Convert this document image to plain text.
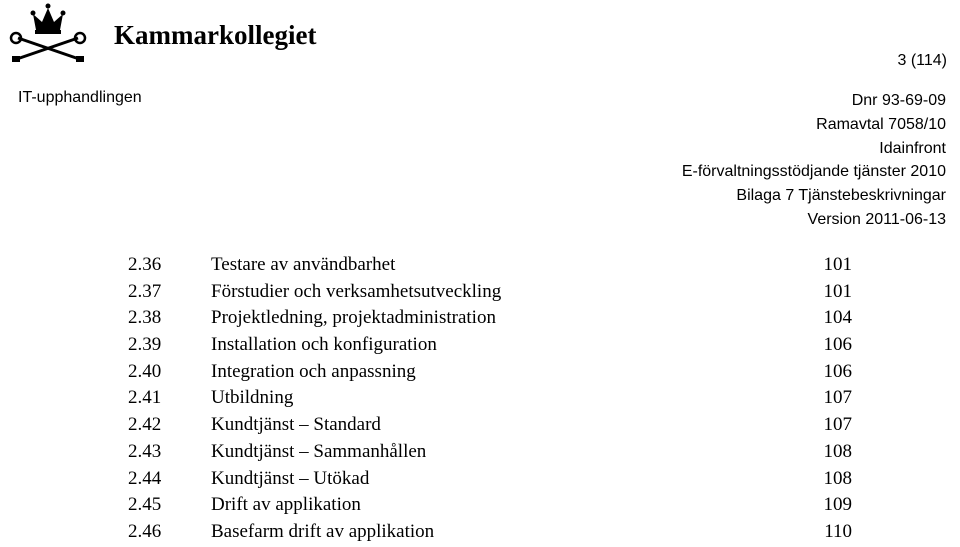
Kammarkollegiet
3 (114)
IT-upphandlingen	Dnr 93-69-09
Ramavtal 7058/10
Idainfront
E-förvaltningsstödjande tjänster 2010
Bilaga 7 Tjänstebeskrivningar
Version 2011-06-13
2.36	Testare av användbarhet	101
2.37	Förstudier och verksamhetsutveckling	101
2.38	Projektledning, projektadministration	104
2.39	Installation och konfiguration	106
2.40	Integration och anpassning	106
2.41	Utbildning	107
2.42	Kundtjänst – Standard	107
2.43	Kundtjänst – Sammanhållen	108
2.44	Kundtjänst – Utökad	108
2.45	Drift av applikation	109
2.46	Basefarm drift av applikation	110
